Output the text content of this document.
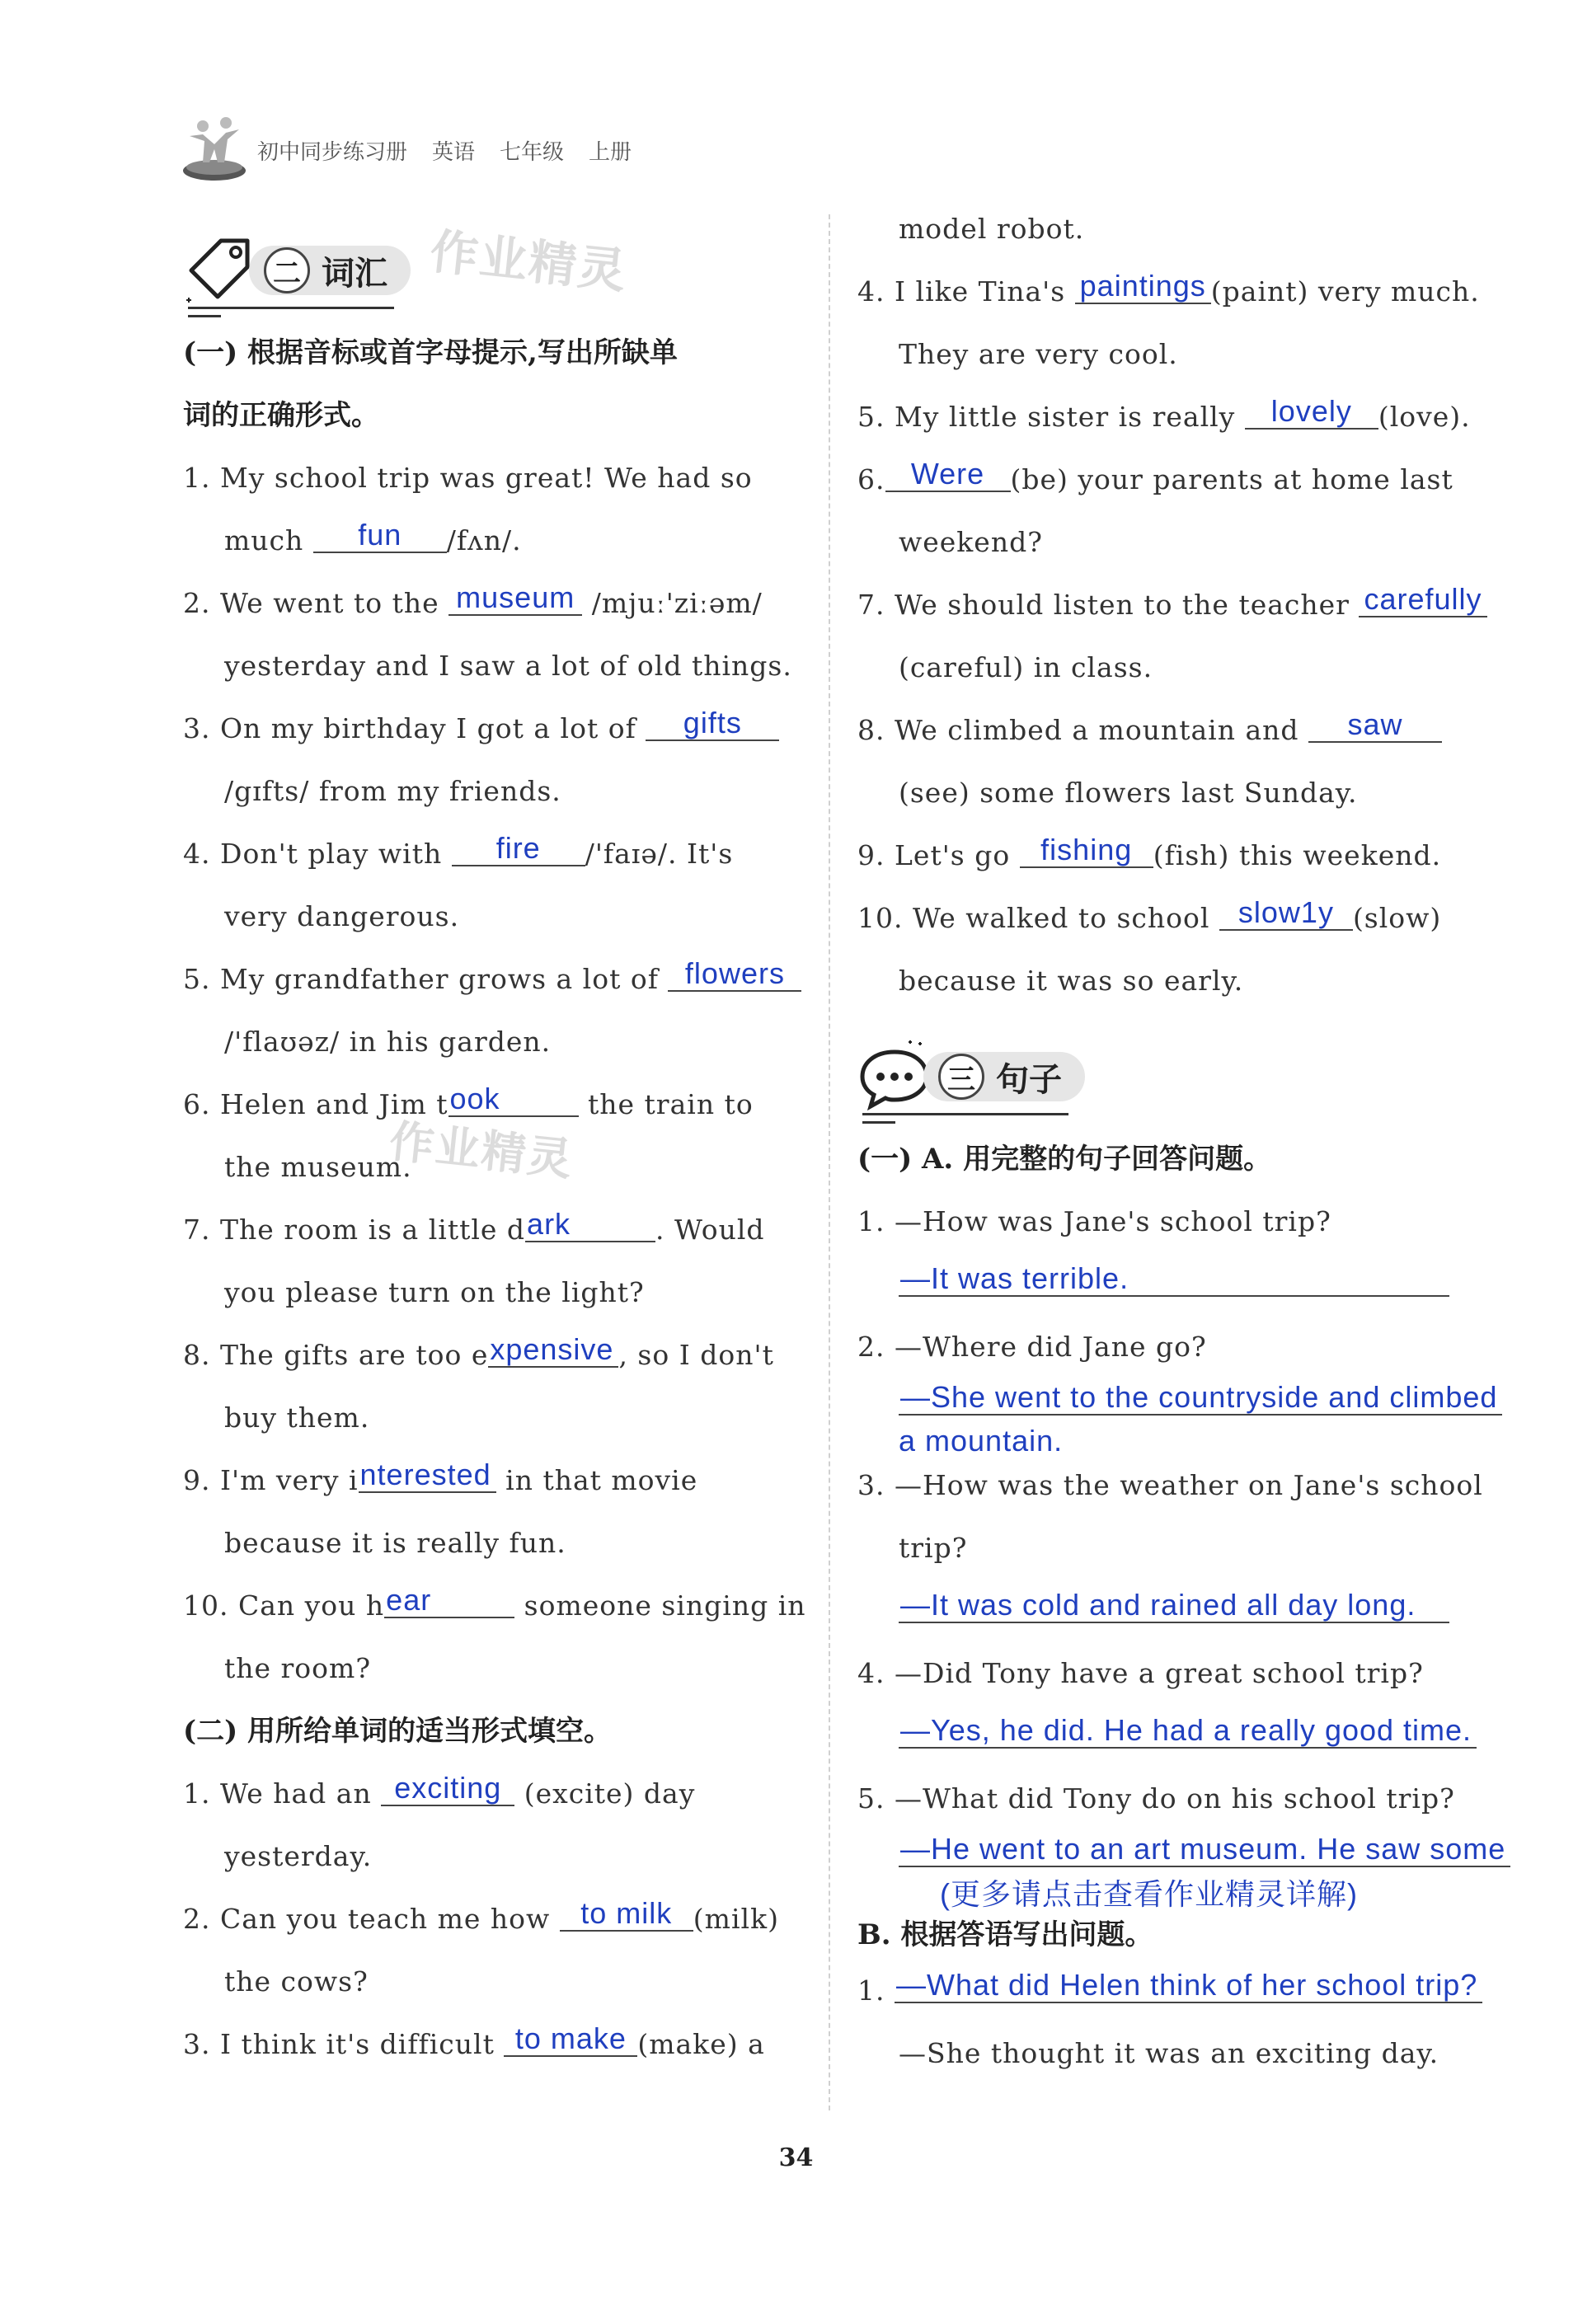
初中同步练习册 英语 七年级 上册
二 词汇 作业精灵
(一) 根据音标或首字母提示,写出所缺单
词的正确形式。
1. My school trip was great! We had so
much fun /fʌn/.
2. We went to the museum /mjuː'ziːəm/
yesterday and I saw a lot of old things.
3. On my birthday I got a lot of gifts
/gɪfts/ from my friends.
4. Don't play with fire /'faɪə/. It's
very dangerous.
5. My grandfather grows a lot of flowers
/'flaʊəz/ in his garden.
6. Helen and Jim took	the train to
the museum.
作业精灵
7. The room is a little dark	. Would
you please turn on the light?
8. The gifts are too expensive , so I don't
buy them.
9. I'm very interested in that movie
because it is really fun.
10. Can you hear	someone singing in
the room?
(二) 用所给单词的适当形式填空。
1. We had an exciting (excite) day
yesterday.
2. Can you teach me how to milk (milk)
the cows?
3. I think it's difficult to make (make) a
model robot.
4. I like Tina's paintings (paint) very much.
They are very cool.
5. My little sister is really lovely (love).
6. Were (be) your parents at home last
weekend?
7. We should listen to the teacher carefully
(careful) in class.
8. We climbed a mountain and saw
(see) some flowers last Sunday.
9. Let's go fishing (fish) this weekend.
10. We walked to school slow1y (slow)
because it was so early.
三 句子
(一) A. 用完整的句子回答问题。
1. —How was Jane's school trip?
—It was terrible.
2. —Where did Jane go?
—She went to the countryside and climbed
a mountain.
3. —How was the weather on Jane's school
trip?
—It was cold and rained all day long.
4. —Did Tony have a great school trip?
—Yes, he did. He had a really good time.
5. —What did Tony do on his school trip?
—He went to an art museum. He saw some
(更多请点击查看作业精灵详解)
B. 根据答语写出问题。
1. —What did Helen think of her school trip?
—She thought it was an exciting day.
34
